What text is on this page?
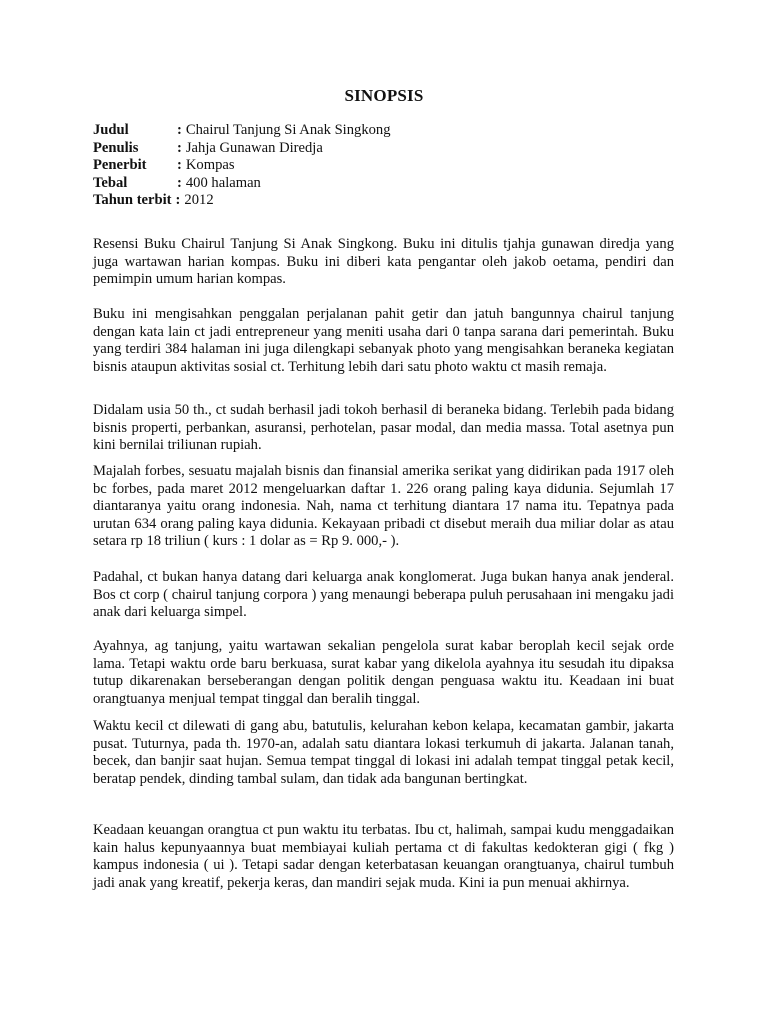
SINOPSIS
Judul	: Chairul Tanjung Si Anak Singkong
Penulis	: Jahja Gunawan Diredja
Penerbit	: Kompas
Tebal	: 400 halaman
Tahun terbit : 2012

Resensi Buku Chairul Tanjung Si Anak Singkong. Buku ini ditulis tjahja gunawan diredja yang juga wartawan harian kompas. Buku ini diberi kata pengantar oleh jakob oetama, pendiri dan pemimpin umum harian kompas.

Buku ini mengisahkan penggalan perjalanan pahit getir dan jatuh bangunnya chairul tanjung dengan kata lain ct jadi entrepreneur yang meniti usaha dari 0 tanpa sarana dari pemerintah. Buku yang terdiri 384 halaman ini juga dilengkapi sebanyak photo yang mengisahkan beraneka kegiatan bisnis ataupun aktivitas sosial ct. Terhitung lebih dari satu photo waktu ct masih remaja.

Didalam usia 50 th., ct sudah berhasil jadi tokoh berhasil di beraneka bidang. Terlebih pada bidang bisnis properti, perbankan, asuransi, perhotelan, pasar modal, dan media massa. Total asetnya pun kini bernilai triliunan rupiah.

Majalah forbes, sesuatu majalah bisnis dan finansial amerika serikat yang didirikan pada 1917 oleh bc forbes, pada maret 2012 mengeluarkan daftar 1. 226 orang paling kaya didunia. Sejumlah 17 diantaranya yaitu orang indonesia. Nah, nama ct terhitung diantara 17 nama itu. Tepatnya pada urutan 634 orang paling kaya didunia. Kekayaan pribadi ct disebut meraih dua miliar dolar as atau setara rp 18 triliun ( kurs : 1 dolar as = Rp 9. 000,- ).

Padahal, ct bukan hanya datang dari keluarga anak konglomerat. Juga bukan hanya anak jenderal. Bos ct corp ( chairul tanjung corpora ) yang menaungi beberapa puluh perusahaan ini mengaku jadi anak dari keluarga simpel.

Ayahnya, ag tanjung, yaitu wartawan sekalian pengelola surat kabar beroplah kecil sejak orde lama. Tetapi waktu orde baru berkuasa, surat kabar yang dikelola ayahnya itu sesudah itu dipaksa tutup dikarenakan berseberangan dengan politik dengan penguasa waktu itu. Keadaan ini buat orangtuanya menjual tempat tinggal dan beralih tinggal.

Waktu kecil ct dilewati di gang abu, batutulis, kelurahan kebon kelapa, kecamatan gambir, jakarta pusat. Tuturnya, pada th. 1970-an, adalah satu diantara lokasi terkumuh di jakarta. Jalanan tanah, becek, dan banjir saat hujan. Semua tempat tinggal di lokasi ini adalah tempat tinggal petak kecil, beratap pendek, dinding tambal sulam, dan tidak ada bangunan bertingkat.

Keadaan keuangan orangtua ct pun waktu itu terbatas. Ibu ct, halimah, sampai kudu menggadaikan kain halus kepunyaannya buat membiayai kuliah pertama ct di fakultas kedokteran gigi ( fkg ) kampus indonesia ( ui ). Tetapi sadar dengan keterbatasan keuangan orangtuanya, chairul tumbuh jadi anak yang kreatif, pekerja keras, dan mandiri sejak muda. Kini ia pun menuai akhirnya.
